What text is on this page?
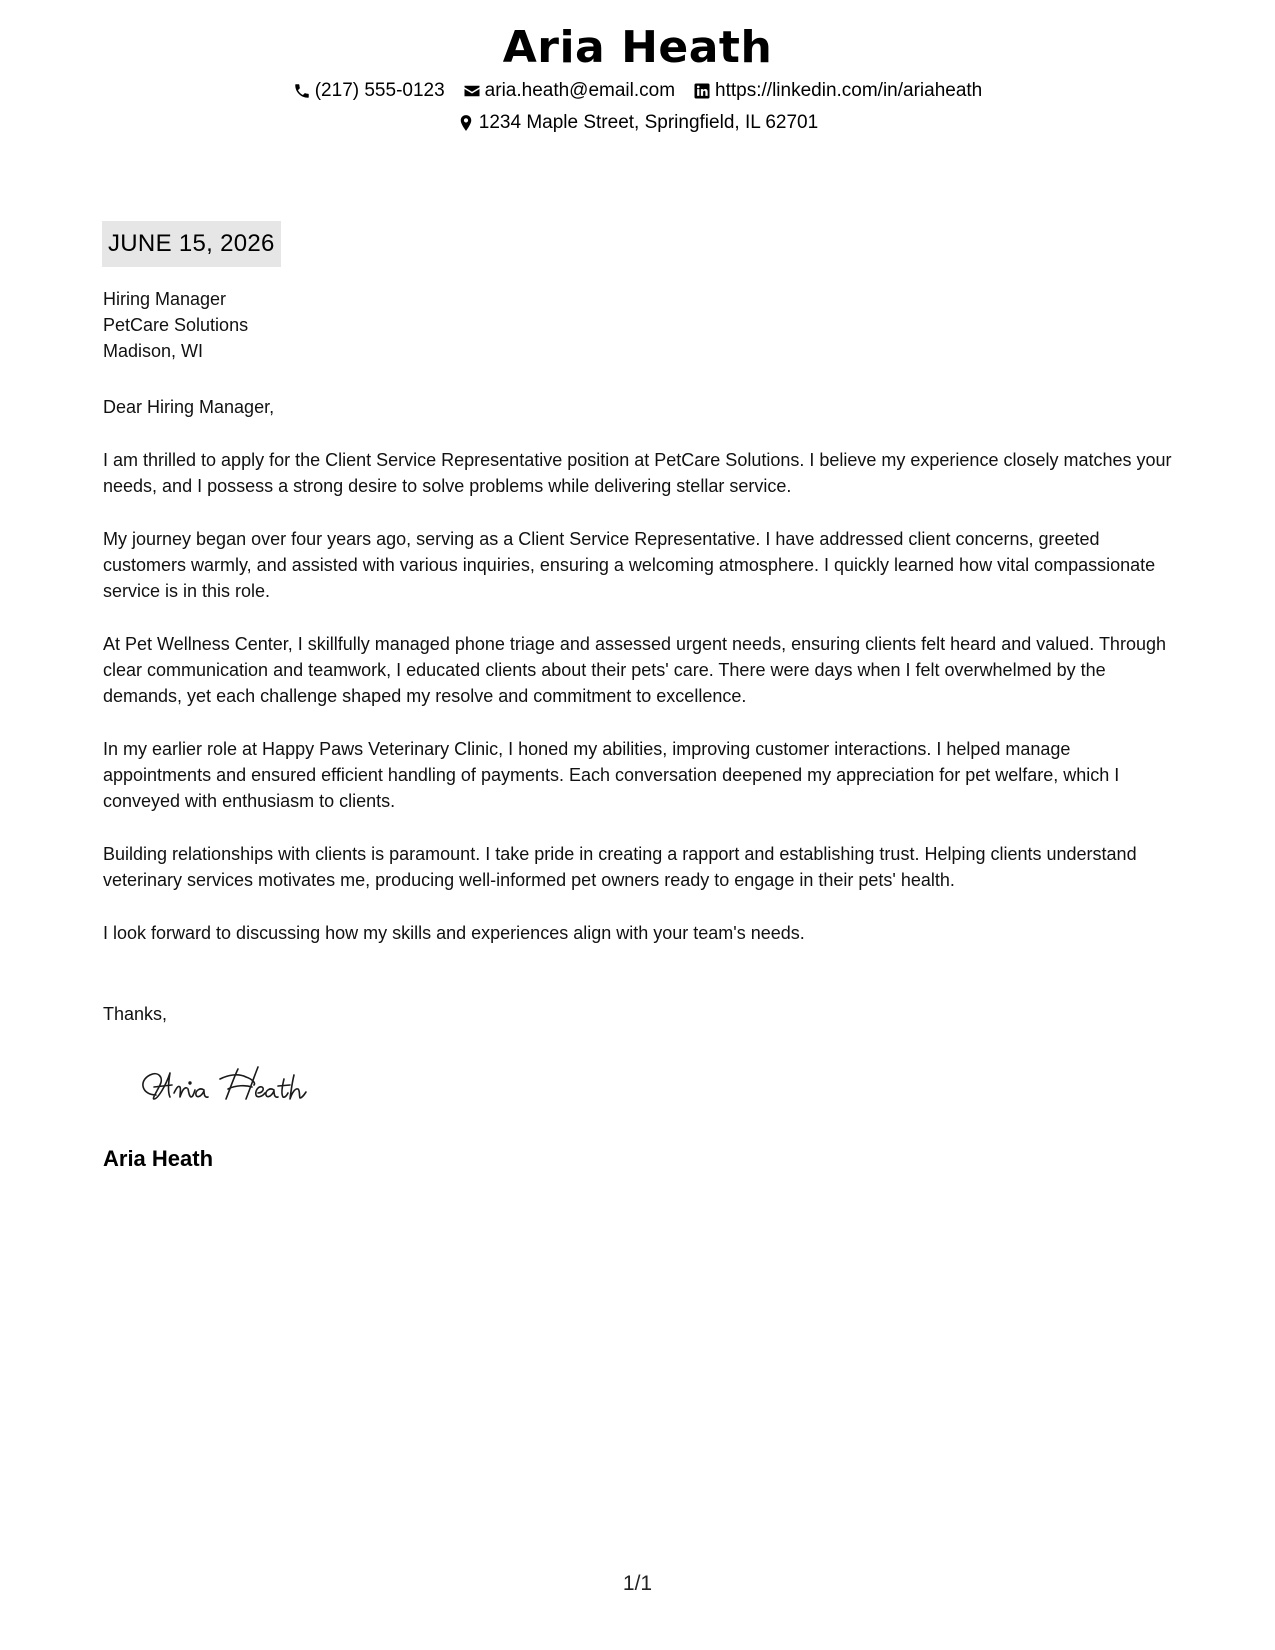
Aria Heath
(217) 555-0123 aria.heath@email.com https://linkedin.com/in/ariaheath
1234 Maple Street, Springfield, IL 62701
JUNE 15, 2026
Hiring Manager
PetCare Solutions
Madison, WI

Dear Hiring Manager,

I am thrilled to apply for the Client Service Representative position at PetCare Solutions. I believe my experience closely matches your needs, and I possess a strong desire to solve problems while delivering stellar service.

My journey began over four years ago, serving as a Client Service Representative. I have addressed client concerns, greeted customers warmly, and assisted with various inquiries, ensuring a welcoming atmosphere. I quickly learned how vital compassionate service is in this role.

At Pet Wellness Center, I skillfully managed phone triage and assessed urgent needs, ensuring clients felt heard and valued. Through clear communication and teamwork, I educated clients about their pets' care. There were days when I felt overwhelmed by the demands, yet each challenge shaped my resolve and commitment to excellence.

In my earlier role at Happy Paws Veterinary Clinic, I honed my abilities, improving customer interactions. I helped manage appointments and ensured efficient handling of payments. Each conversation deepened my appreciation for pet welfare, which I conveyed with enthusiasm to clients.

Building relationships with clients is paramount. I take pride in creating a rapport and establishing trust. Helping clients understand veterinary services motivates me, producing well-informed pet owners ready to engage in their pets' health.

I look forward to discussing how my skills and experiences align with your team's needs.

Thanks,
Aria Heath
1/1
